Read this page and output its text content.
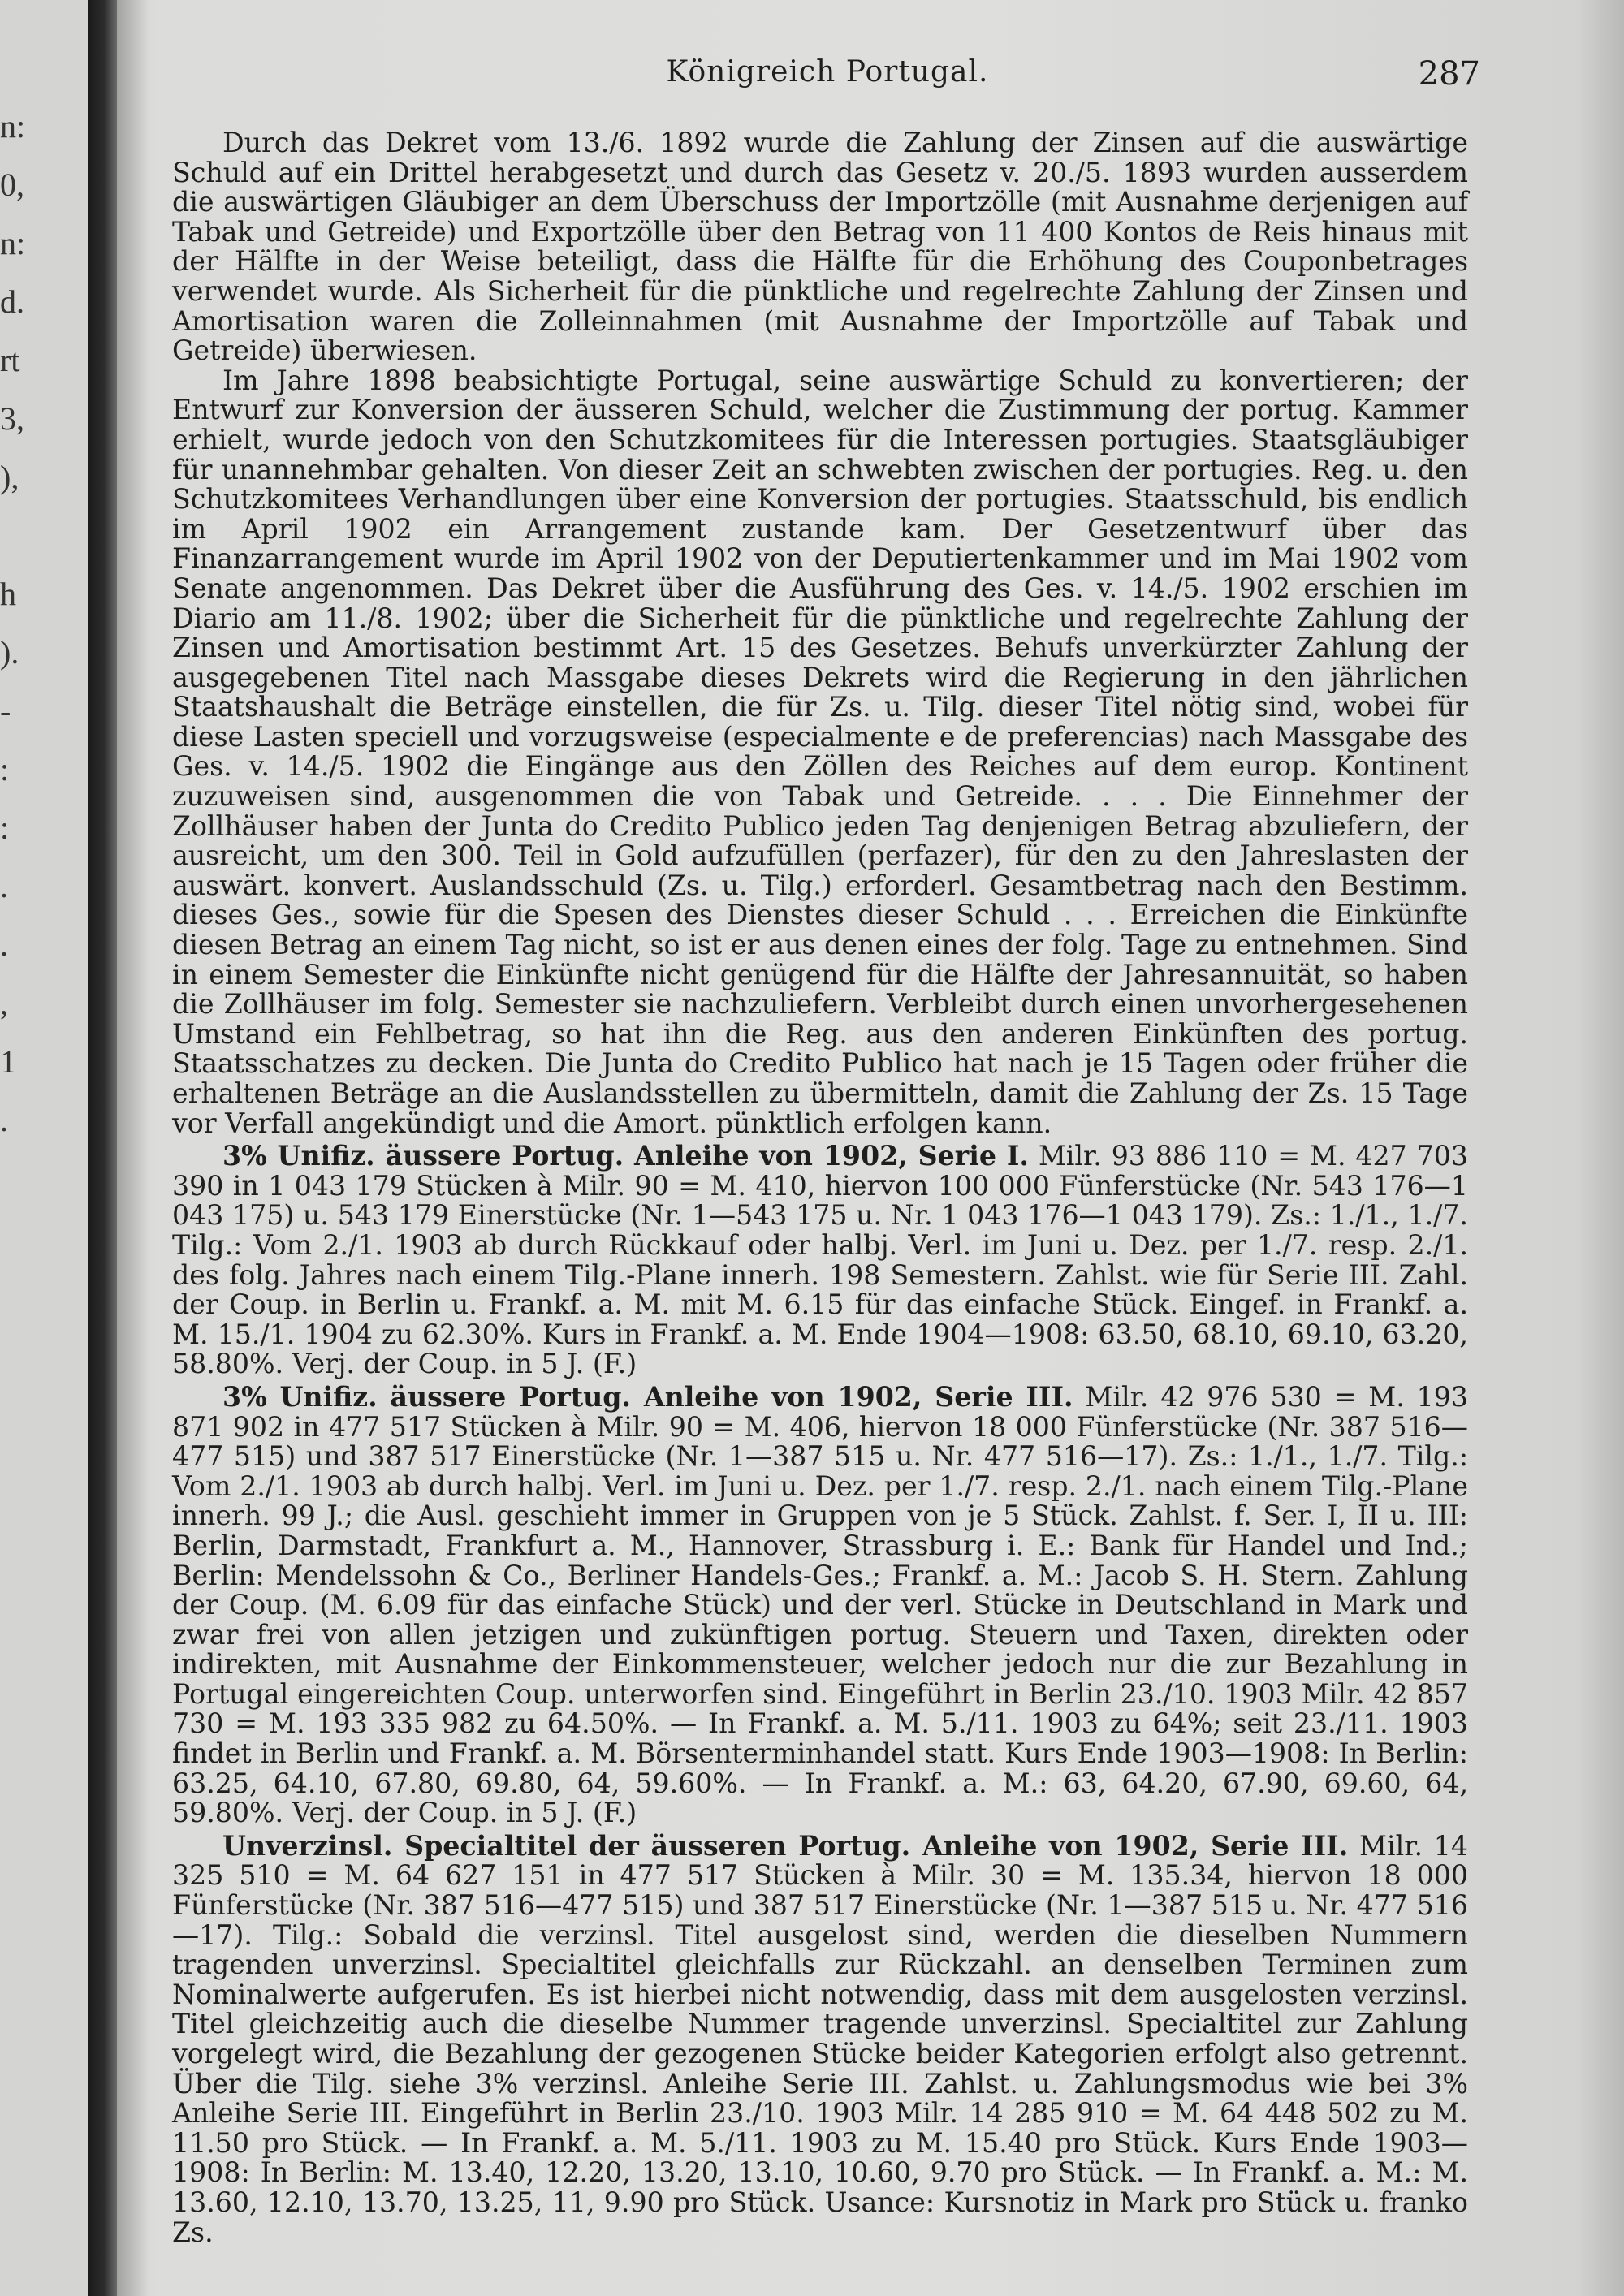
n:
0,
n:
d.
rt
3,
),

h
).
-
:
:
.
.
,
1
.
Königreich Portugal.	287

Durch das Dekret vom 13./6. 1892 wurde die Zahlung der Zinsen auf die auswärtige Schuld auf ein Drittel herabgesetzt und durch das Gesetz v. 20./5. 1893 wurden ausserdem die auswärtigen Gläubiger an dem Überschuss der Importzölle (mit Ausnahme derjenigen auf Tabak und Getreide) und Exportzölle über den Betrag von 11 400 Kontos de Reis hinaus mit der Hälfte in der Weise beteiligt, dass die Hälfte für die Erhöhung des Couponbetrages verwendet wurde. Als Sicherheit für die pünktliche und regelrechte Zahlung der Zinsen und Amortisation waren die Zolleinnahmen (mit Ausnahme der Importzölle auf Tabak und Getreide) überwiesen.

Im Jahre 1898 beabsichtigte Portugal, seine auswärtige Schuld zu konvertieren; der Entwurf zur Konversion der äusseren Schuld, welcher die Zustimmung der portug. Kammer erhielt, wurde jedoch von den Schutzkomitees für die Interessen portugies. Staatsgläubiger für unannehmbar gehalten. Von dieser Zeit an schwebten zwischen der portugies. Reg. u. den Schutzkomitees Verhandlungen über eine Konversion der portugies. Staatsschuld, bis endlich im April 1902 ein Arrangement zustande kam. Der Gesetzentwurf über das Finanzarrangement wurde im April 1902 von der Deputiertenkammer und im Mai 1902 vom Senate angenommen. Das Dekret über die Ausführung des Ges. v. 14./5. 1902 erschien im Diario am 11./8. 1902; über die Sicherheit für die pünktliche und regelrechte Zahlung der Zinsen und Amortisation bestimmt Art. 15 des Gesetzes. Behufs unverkürzter Zahlung der ausgegebenen Titel nach Massgabe dieses Dekrets wird die Regierung in den jährlichen Staatshaushalt die Beträge einstellen, die für Zs. u. Tilg. dieser Titel nötig sind, wobei für diese Lasten speciell und vorzugsweise (especialmente e de preferencias) nach Massgabe des Ges. v. 14./5. 1902 die Eingänge aus den Zöllen des Reiches auf dem europ. Kontinent zuzuweisen sind, ausgenommen die von Tabak und Getreide. . . . Die Einnehmer der Zollhäuser haben der Junta do Credito Publico jeden Tag denjenigen Betrag abzuliefern, der ausreicht, um den 300. Teil in Gold aufzufüllen (perfazer), für den zu den Jahreslasten der auswärt. konvert. Auslandsschuld (Zs. u. Tilg.) erforderl. Gesamtbetrag nach den Bestimm. dieses Ges., sowie für die Spesen des Dienstes dieser Schuld . . . Erreichen die Einkünfte diesen Betrag an einem Tag nicht, so ist er aus denen eines der folg. Tage zu entnehmen. Sind in einem Semester die Einkünfte nicht genügend für die Hälfte der Jahresannuität, so haben die Zollhäuser im folg. Semester sie nachzuliefern. Verbleibt durch einen unvorhergesehenen Umstand ein Fehlbetrag, so hat ihn die Reg. aus den anderen Einkünften des portug. Staatsschatzes zu decken. Die Junta do Credito Publico hat nach je 15 Tagen oder früher die erhaltenen Beträge an die Auslandsstellen zu übermitteln, damit die Zahlung der Zs. 15 Tage vor Verfall angekündigt und die Amort. pünktlich erfolgen kann.

3% Unifiz. äussere Portug. Anleihe von 1902, Serie I. Milr. 93 886 110 = M. 427 703 390 in 1 043 179 Stücken à Milr. 90 = M. 410, hiervon 100 000 Fünferstücke (Nr. 543 176—1 043 175) u. 543 179 Einerstücke (Nr. 1—543 175 u. Nr. 1 043 176—1 043 179). Zs.: 1./1., 1./7. Tilg.: Vom 2./1. 1903 ab durch Rückkauf oder halbj. Verl. im Juni u. Dez. per 1./7. resp. 2./1. des folg. Jahres nach einem Tilg.-Plane innerh. 198 Semestern. Zahlst. wie für Serie III. Zahl. der Coup. in Berlin u. Frankf. a. M. mit M. 6.15 für das einfache Stück. Eingef. in Frankf. a. M. 15./1. 1904 zu 62.30%. Kurs in Frankf. a. M. Ende 1904—1908: 63.50, 68.10, 69.10, 63.20, 58.80%. Verj. der Coup. in 5 J. (F.)

3% Unifiz. äussere Portug. Anleihe von 1902, Serie III. Milr. 42 976 530 = M. 193 871 902 in 477 517 Stücken à Milr. 90 = M. 406, hiervon 18 000 Fünferstücke (Nr. 387 516—477 515) und 387 517 Einerstücke (Nr. 1—387 515 u. Nr. 477 516—17). Zs.: 1./1., 1./7. Tilg.: Vom 2./1. 1903 ab durch halbj. Verl. im Juni u. Dez. per 1./7. resp. 2./1. nach einem Tilg.-Plane innerh. 99 J.; die Ausl. geschieht immer in Gruppen von je 5 Stück. Zahlst. f. Ser. I, II u. III: Berlin, Darmstadt, Frankfurt a. M., Hannover, Strassburg i. E.: Bank für Handel und Ind.; Berlin: Mendelssohn & Co., Berliner Handels-Ges.; Frankf. a. M.: Jacob S. H. Stern. Zahlung der Coup. (M. 6.09 für das einfache Stück) und der verl. Stücke in Deutschland in Mark und zwar frei von allen jetzigen und zukünftigen portug. Steuern und Taxen, direkten oder indirekten, mit Ausnahme der Einkommensteuer, welcher jedoch nur die zur Bezahlung in Portugal eingereichten Coup. unterworfen sind. Eingeführt in Berlin 23./10. 1903 Milr. 42 857 730 = M. 193 335 982 zu 64.50%. — In Frankf. a. M. 5./11. 1903 zu 64%; seit 23./11. 1903 findet in Berlin und Frankf. a. M. Börsenterminhandel statt. Kurs Ende 1903—1908: In Berlin: 63.25, 64.10, 67.80, 69.80, 64, 59.60%. — In Frankf. a. M.: 63, 64.20, 67.90, 69.60, 64, 59.80%. Verj. der Coup. in 5 J. (F.)

Unverzinsl. Specialtitel der äusseren Portug. Anleihe von 1902, Serie III. Milr. 14 325 510 = M. 64 627 151 in 477 517 Stücken à Milr. 30 = M. 135.34, hiervon 18 000 Fünferstücke (Nr. 387 516—477 515) und 387 517 Einerstücke (Nr. 1—387 515 u. Nr. 477 516—17). Tilg.: Sobald die verzinsl. Titel ausgelost sind, werden die dieselben Nummern tragenden unverzinsl. Specialtitel gleichfalls zur Rückzahl. an denselben Terminen zum Nominalwerte aufgerufen. Es ist hierbei nicht notwendig, dass mit dem ausgelosten verzinsl. Titel gleichzeitig auch die dieselbe Nummer tragende unverzinsl. Specialtitel zur Zahlung vorgelegt wird, die Bezahlung der gezogenen Stücke beider Kategorien erfolgt also getrennt. Über die Tilg. siehe 3% verzinsl. Anleihe Serie III. Zahlst. u. Zahlungsmodus wie bei 3% Anleihe Serie III. Eingeführt in Berlin 23./10. 1903 Milr. 14 285 910 = M. 64 448 502 zu M. 11.50 pro Stück. — In Frankf. a. M. 5./11. 1903 zu M. 15.40 pro Stück. Kurs Ende 1903—1908: In Berlin: M. 13.40, 12.20, 13.20, 13.10, 10.60, 9.70 pro Stück. — In Frankf. a. M.: M. 13.60, 12.10, 13.70, 13.25, 11, 9.90 pro Stück. Usance: Kursnotiz in Mark pro Stück u. franko Zs.
